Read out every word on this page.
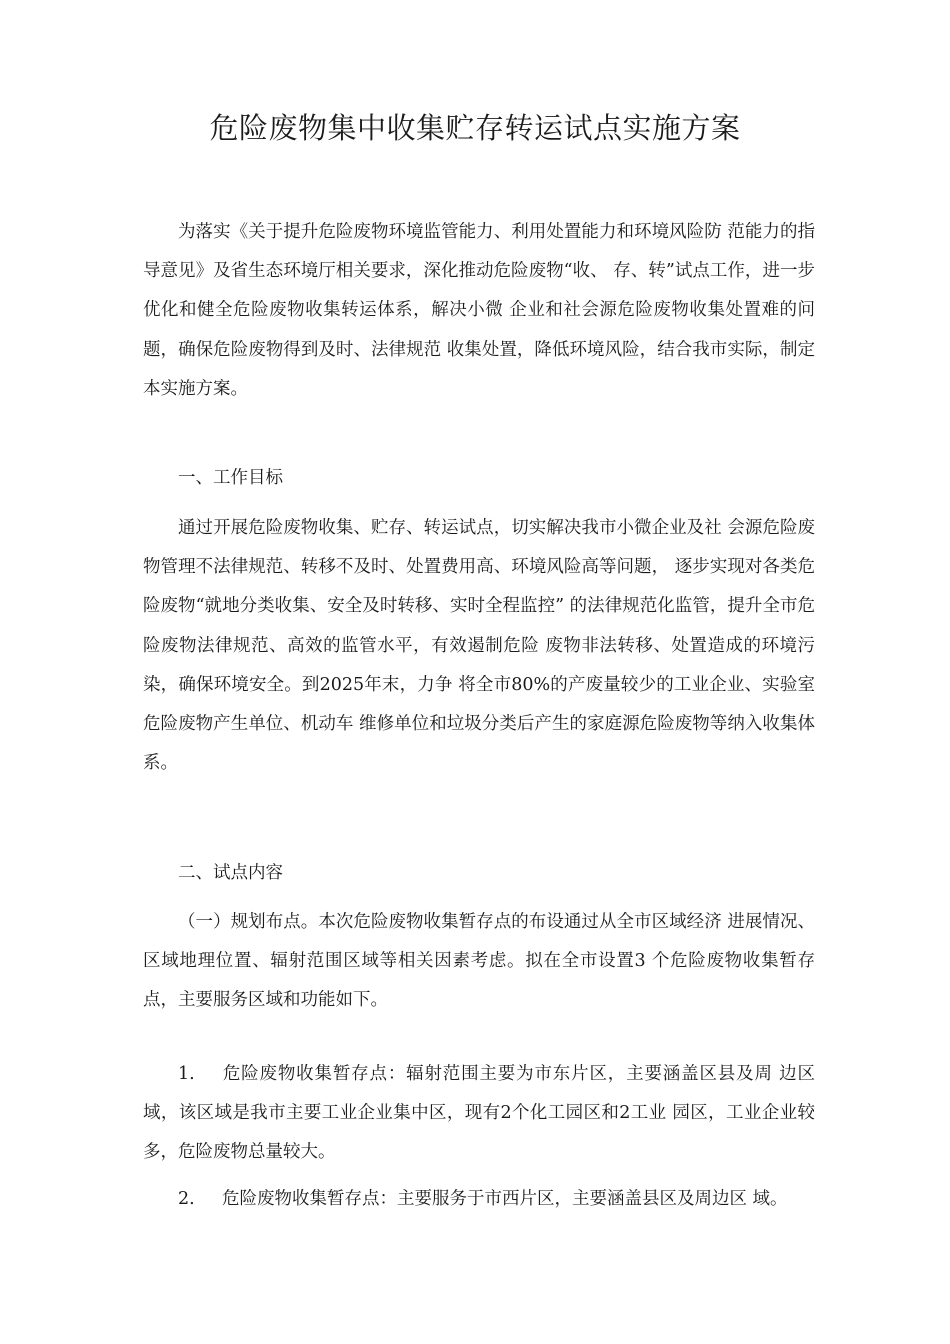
危险废物集中收集贮存转运试点实施方案

为落实《关于提升危险废物环境监管能力、利用处置能力和环境风险防 范能力的指导意见》及省生态环境厅相关要求，深化推动危险废物“收、 存、转”试点工作，进一步优化和健全危险废物收集转运体系，解决小微 企业和社会源危险废物收集处置难的问题，确保危险废物得到及时、法律规范 收集处置，降低环境风险，结合我市实际，制定本实施方案。

一、工作目标

通过开展危险废物收集、贮存、转运试点，切实解决我市小微企业及社 会源危险废物管理不法律规范、转移不及时、处置费用高、环境风险高等问题， 逐步实现对各类危险废物“就地分类收集、安全及时转移、实时全程监控” 的法律规范化监管，提升全市危险废物法律规范、高效的监管水平，有效遏制危险 废物非法转移、处置造成的环境污染，确保环境安全。到2025年末，力争 将全市80%的产废量较少的工业企业、实验室危险废物产生单位、机动车 维修单位和垃圾分类后产生的家庭源危险废物等纳入收集体系。

二、试点内容

（一）规划布点。本次危险废物收集暂存点的布设通过从全市区域经济 进展情况、区域地理位置、辐射范围区域等相关因素考虑。拟在全市设置3 个危险废物收集暂存点，主要服务区域和功能如下。

1. 危险废物收集暂存点：辐射范围主要为市东片区，主要涵盖区县及周 边区域，该区域是我市主要工业企业集中区，现有2个化工园区和2工业 园区，工业企业较多，危险废物总量较大。

2. 危险废物收集暂存点：主要服务于市西片区，主要涵盖县区及周边区 域。
